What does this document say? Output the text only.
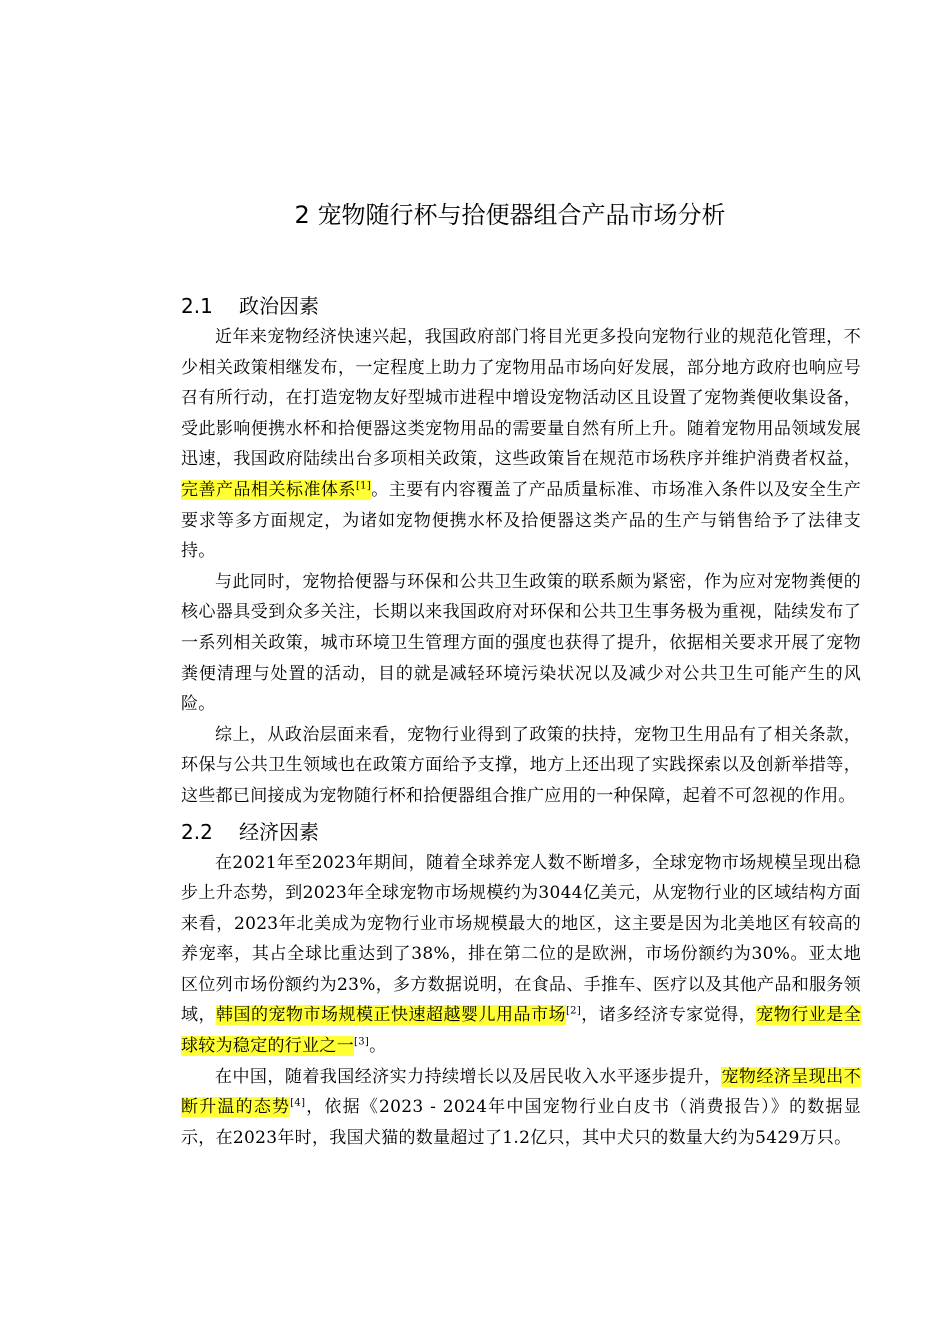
2 宠物随行杯与拾便器组合产品市场分析
2.1 政治因素

近年来宠物经济快速兴起，我国政府部门将目光更多投向宠物行业的规范化管理，不少相关政策相继发布，一定程度上助力了宠物用品市场向好发展，部分地方政府也响应号召有所行动，在打造宠物友好型城市进程中增设宠物活动区且设置了宠物粪便收集设备，受此影响便携水杯和拾便器这类宠物用品的需要量自然有所上升。随着宠物用品领域发展迅速，我国政府陆续出台多项相关政策，这些政策旨在规范市场秩序并维护消费者权益，完善产品相关标准体系[1]。主要有内容覆盖了产品质量标准、市场准入条件以及安全生产要求等多方面规定，为诸如宠物便携水杯及拾便器这类产品的生产与销售给予了法律支持。

与此同时，宠物拾便器与环保和公共卫生政策的联系颇为紧密，作为应对宠物粪便的核心器具受到众多关注，长期以来我国政府对环保和公共卫生事务极为重视，陆续发布了一系列相关政策，城市环境卫生管理方面的强度也获得了提升，依据相关要求开展了宠物粪便清理与处置的活动，目的就是减轻环境污染状况以及减少对公共卫生可能产生的风险。

综上，从政治层面来看，宠物行业得到了政策的扶持，宠物卫生用品有了相关条款，环保与公共卫生领域也在政策方面给予支撑，地方上还出现了实践探索以及创新举措等，这些都已间接成为宠物随行杯和拾便器组合推广应用的一种保障，起着不可忽视的作用。

2.2 经济因素

在2021年至2023年期间，随着全球养宠人数不断增多，全球宠物市场规模呈现出稳步上升态势，到2023年全球宠物市场规模约为3044亿美元，从宠物行业的区域结构方面来看，2023年北美成为宠物行业市场规模最大的地区，这主要是因为北美地区有较高的养宠率，其占全球比重达到了38%，排在第二位的是欧洲，市场份额约为30%。亚太地区位列市场份额约为23%，多方数据说明，在食品、手推车、医疗以及其他产品和服务领域，韩国的宠物市场规模正快速超越婴儿用品市场[2]，诸多经济专家觉得，宠物行业是全球较为稳定的行业之一[3]。

在中国，随着我国经济实力持续增长以及居民收入水平逐步提升，宠物经济呈现出不断升温的态势[4]，依据《2023 - 2024年中国宠物行业白皮书（消费报告）》的数据显示，在2023年时，我国犬猫的数量超过了1.2亿只，其中犬只的数量大约为5429万只。
